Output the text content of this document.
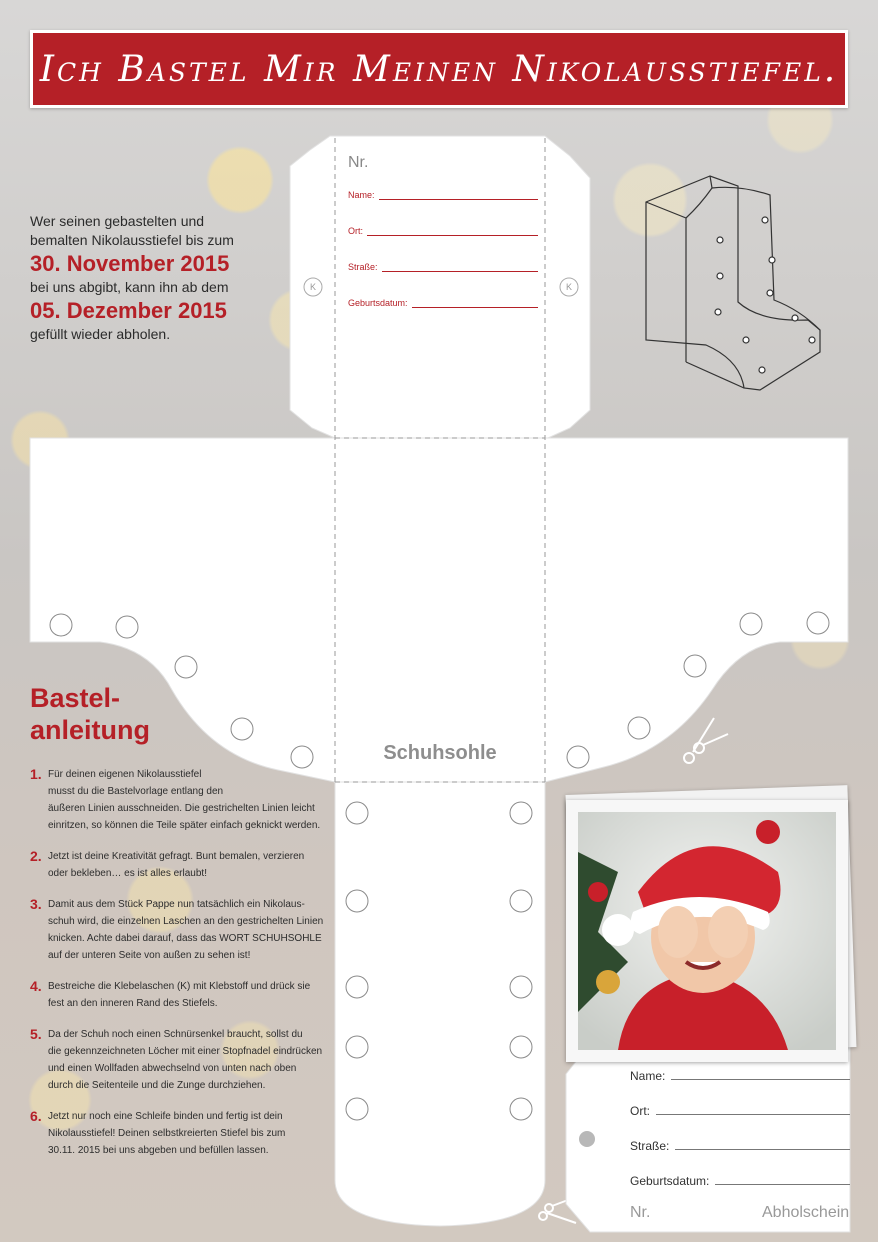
Ich Bastel Mir Meinen Nikolausstiefel.
K	K
Nr.
Name:
Ort:
Straße:
Geburtsdatum:
Wer seinen gebastelten und
bemalten Nikolausstiefel bis zum
30. November 2015
bei uns abgibt, kann ihn ab dem
05. Dezember 2015
gefüllt wieder abholen.
Schuhsohle
Bastel-
anleitung
1. Für deinen eigenen Nikolausstiefel
musst du die Bastelvorlage entlang den
äußeren Linien ausschneiden. Die gestrichelten Linien leicht
einritzen, so können die Teile später einfach geknickt werden.
2. Jetzt ist deine Kreativität gefragt. Bunt bemalen, verzieren
oder bekleben… es ist alles erlaubt!
3. Damit aus dem Stück Pappe nun tatsächlich ein Nikolaus-
schuh wird, die einzelnen Laschen an den gestrichelten Linien
knicken. Achte dabei darauf, dass das WORT SCHUHSOHLE
auf der unteren Seite von außen zu sehen ist!
4. Bestreiche die Klebelaschen (K) mit Klebstoff und drück sie
fest an den inneren Rand des Stiefels.
5. Da der Schuh noch einen Schnürsenkel braucht, sollst du
die gekennzeichneten Löcher mit einer Stopfnadel eindrücken
und einen Wollfaden abwechselnd von unten nach oben
durch die Seitenteile und die Zunge durchziehen.
6. Jetzt nur noch eine Schleife binden und fertig ist dein
Nikolausstiefel! Deinen selbstkreierten Stiefel bis zum
30.11. 2015 bei uns abgeben und befüllen lassen.
Name:
Ort:
Straße:
Geburtsdatum:
Nr.	Abholschein
